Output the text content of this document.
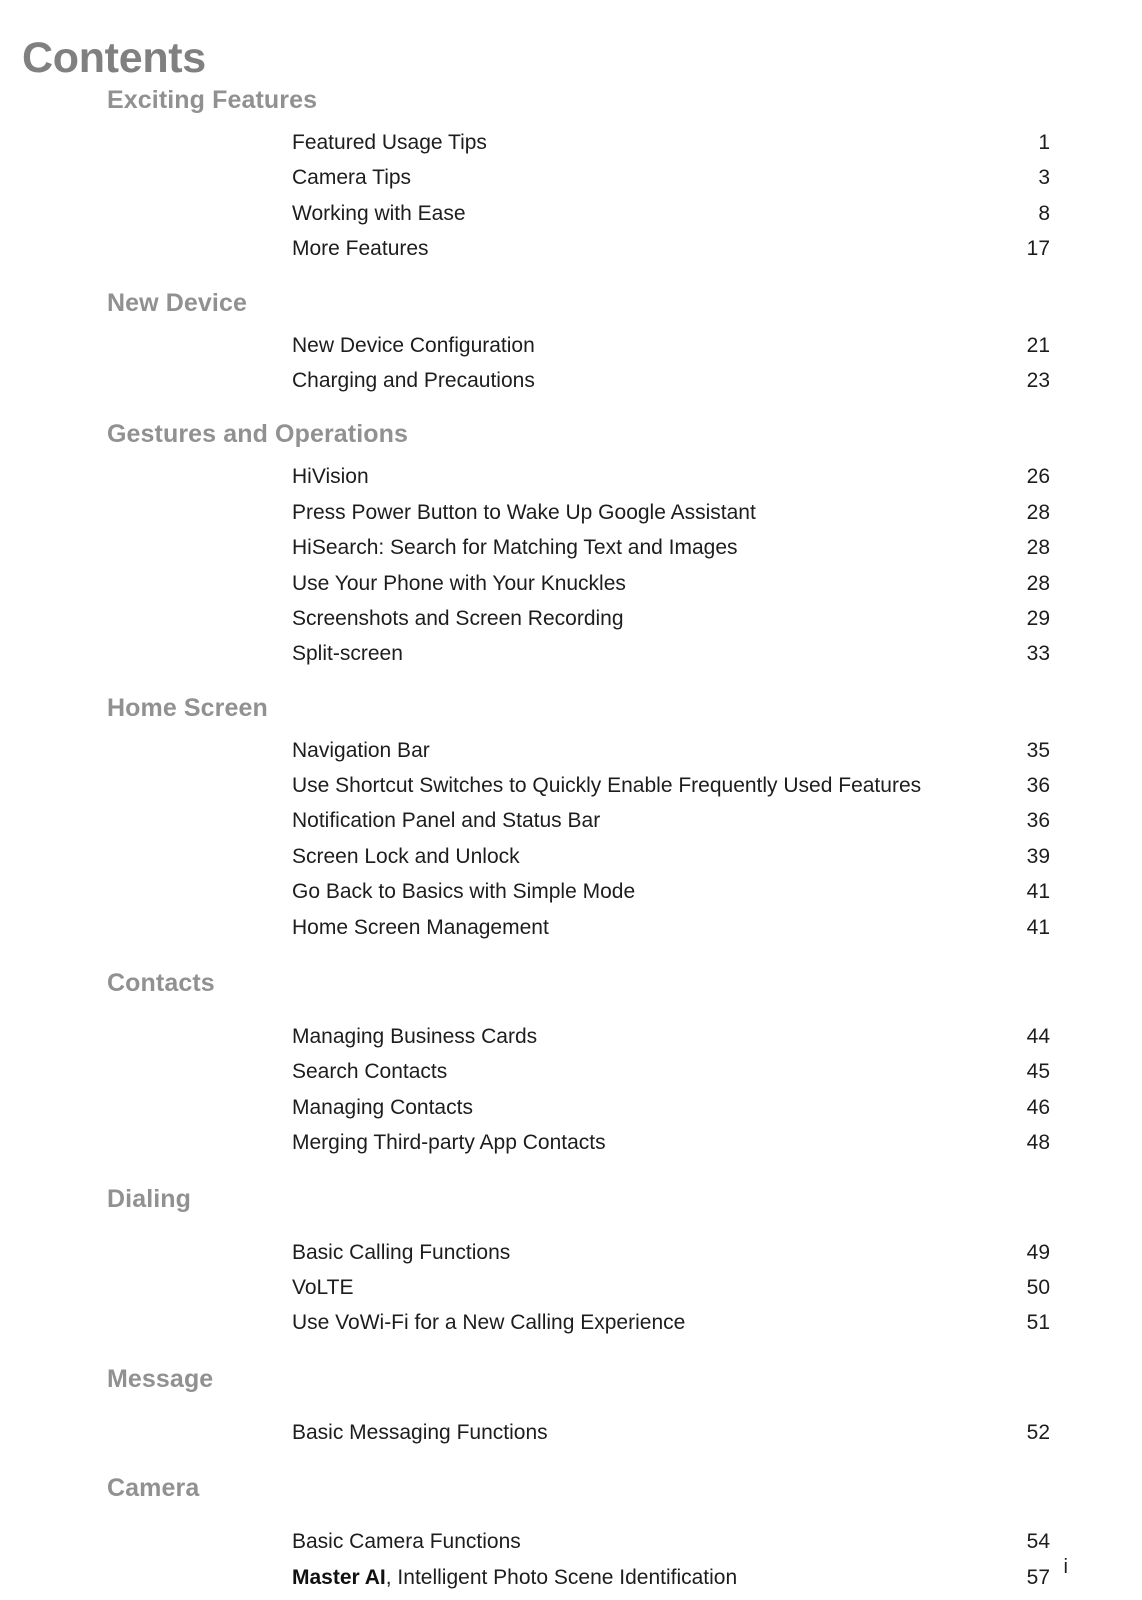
Contents
Exciting Features
Featured Usage Tips	1
Camera Tips	3
Working with Ease	8
More Features	17
New Device
New Device Configuration	21
Charging and Precautions	23
Gestures and Operations
HiVision	26
Press Power Button to Wake Up Google Assistant	28
HiSearch: Search for Matching Text and Images	28
Use Your Phone with Your Knuckles	28
Screenshots and Screen Recording	29
Split-screen	33
Home Screen
Navigation Bar	35
Use Shortcut Switches to Quickly Enable Frequently Used Features	36
Notification Panel and Status Bar	36
Screen Lock and Unlock	39
Go Back to Basics with Simple Mode	41
Home Screen Management	41
Contacts
Managing Business Cards	44
Search Contacts	45
Managing Contacts	46
Merging Third-party App Contacts	48
Dialing
Basic Calling Functions	49
VoLTE	50
Use VoWi-Fi for a New Calling Experience	51
Message
Basic Messaging Functions	52
Camera
Basic Camera Functions	54
Master AI, Intelligent Photo Scene Identification	57 i
